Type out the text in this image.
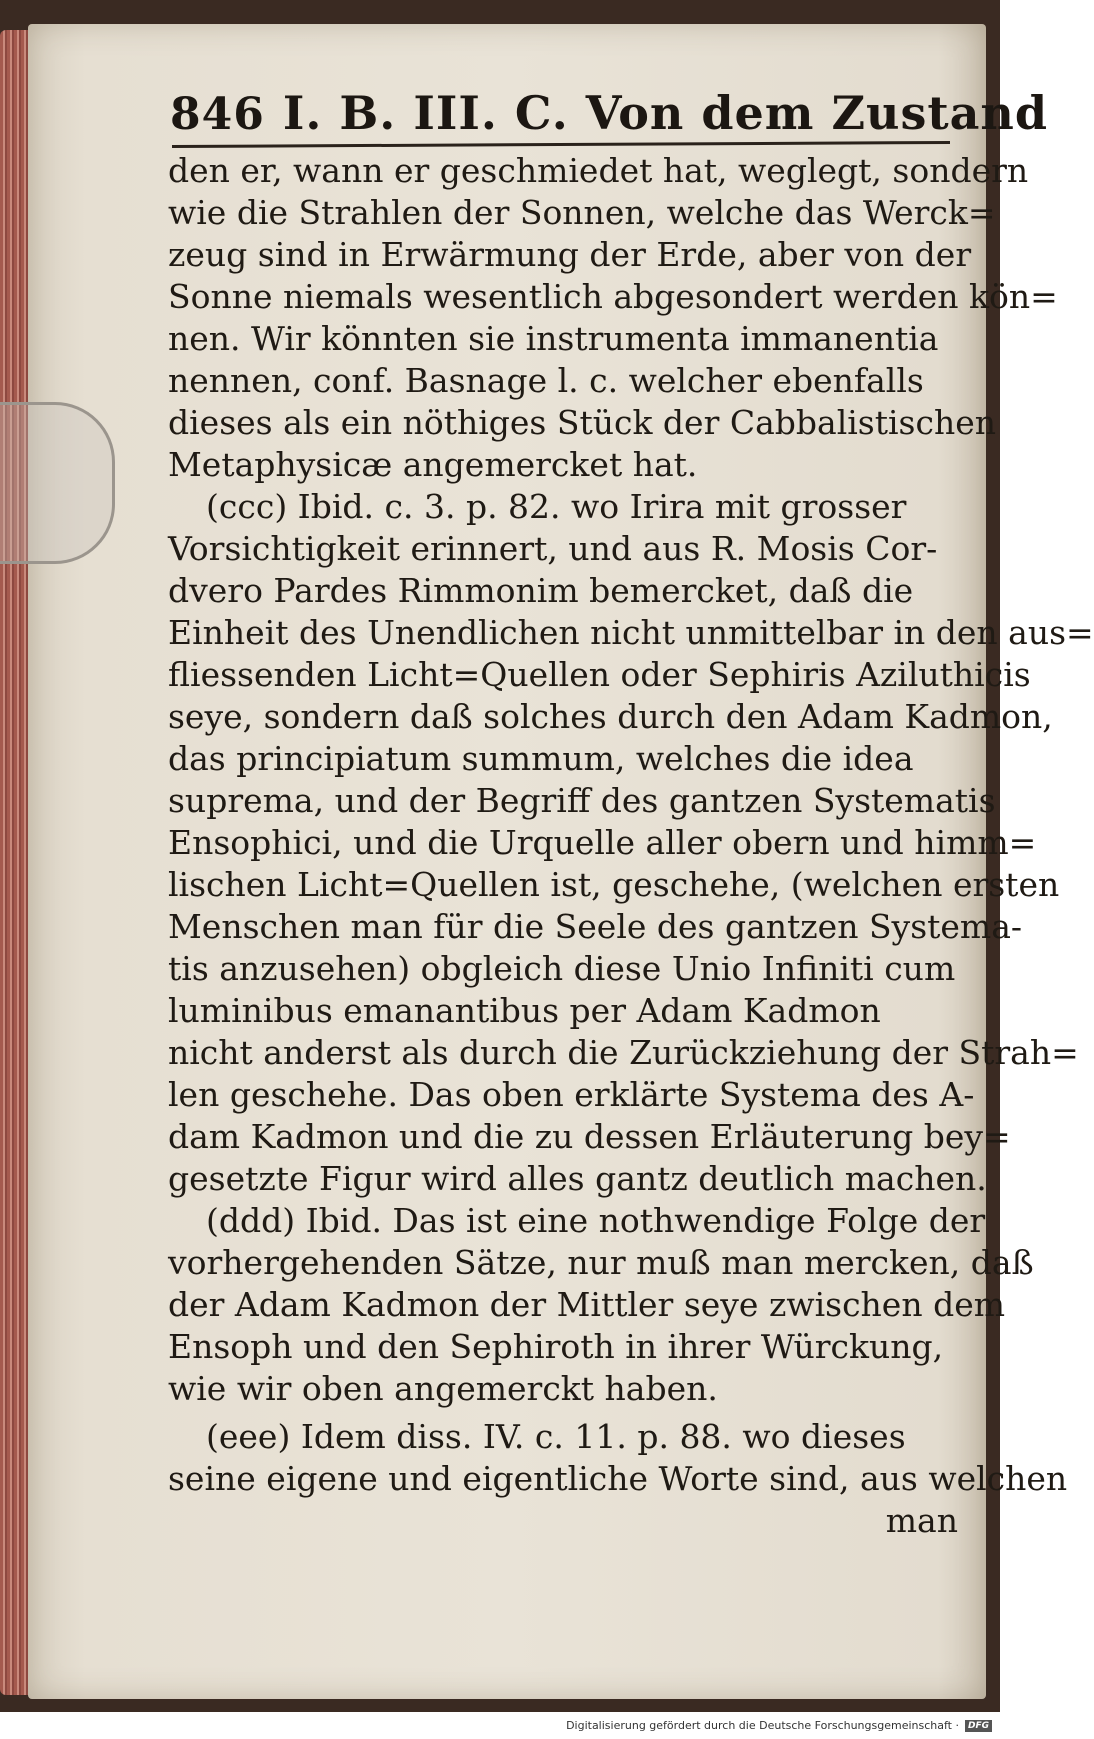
846 I. B. III. C. Von dem Zustand
den er, wann er geschmiedet hat, weglegt, sondern
wie die Strahlen der Sonnen, welche das Werck=
zeug sind in Erwärmung der Erde, aber von der
Sonne niemals wesentlich abgesondert werden kön=
nen. Wir könnten sie instrumenta immanentia
nennen, conf. Basnage l. c. welcher ebenfalls
dieses als ein nöthiges Stück der Cabbalistischen
Metaphysicæ angemercket hat.
(ccc) Ibid. c. 3. p. 82. wo Irira mit grosser
Vorsichtigkeit erinnert, und aus R. Mosis Cor-
dvero Pardes Rimmonim bemercket, daß die
Einheit des Unendlichen nicht unmittelbar in den aus=
fliessenden Licht=Quellen oder Sephiris Aziluthicis
seye, sondern daß solches durch den Adam Kadmon,
das principiatum summum, welches die idea
suprema, und der Begriff des gantzen Systematis
Ensophici, und die Urquelle aller obern und himm=
lischen Licht=Quellen ist, geschehe, (welchen ersten
Menschen man für die Seele des gantzen Systema-
tis anzusehen) obgleich diese Unio Infiniti cum
luminibus emanantibus per Adam Kadmon
nicht anderst als durch die Zurückziehung der Strah=
len geschehe. Das oben erklärte Systema des A-
dam Kadmon und die zu dessen Erläuterung bey=
gesetzte Figur wird alles gantz deutlich machen.
(ddd) Ibid. Das ist eine nothwendige Folge der
vorhergehenden Sätze, nur muß man mercken, daß
der Adam Kadmon der Mittler seye zwischen dem
Ensoph und den Sephiroth in ihrer Würckung,
wie wir oben angemerckt haben.
(eee) Idem diss. IV. c. 11. p. 88. wo dieses
seine eigene und eigentliche Worte sind, aus welchen
man
Digitalisierung gefördert durch die Deutsche Forschungsgemeinschaft ·	DFG
